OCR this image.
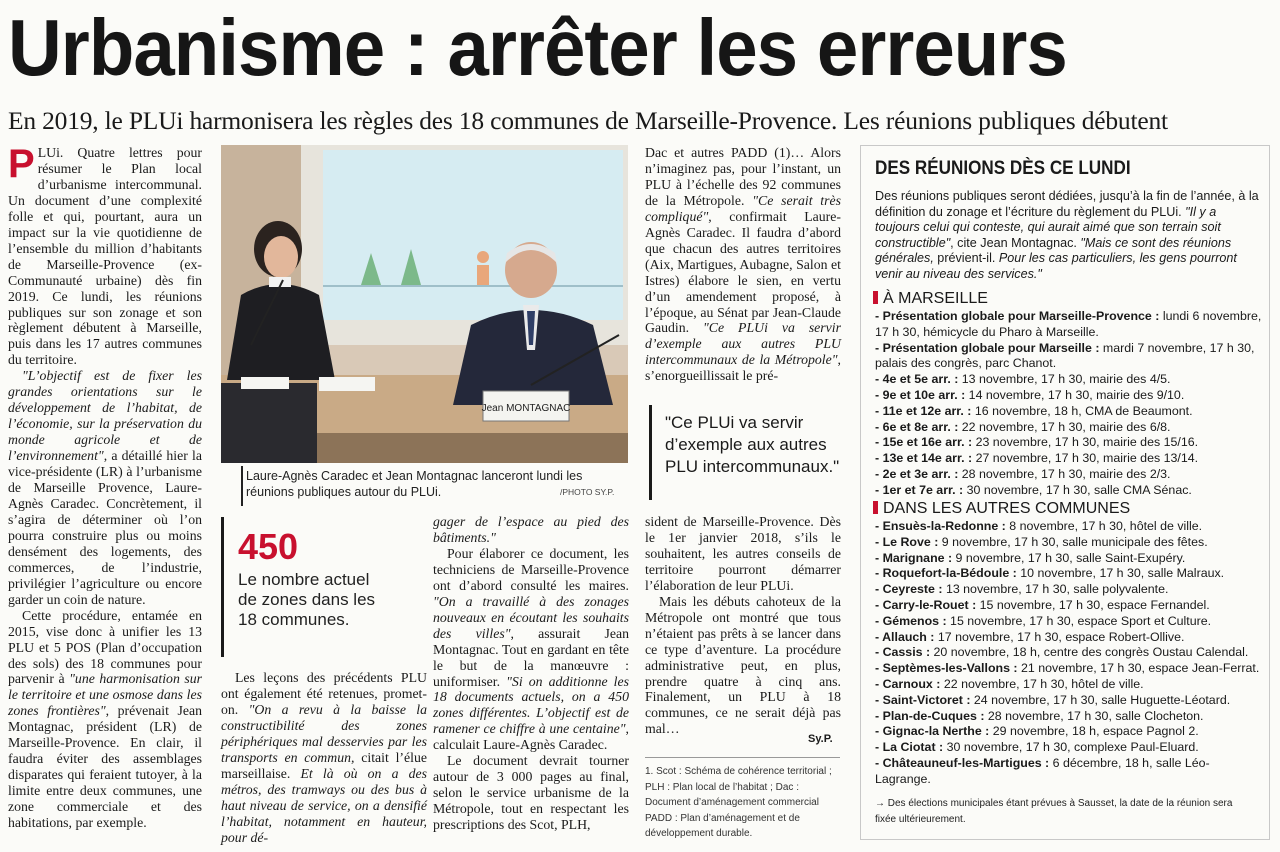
Urbanisme : arrêter les erreurs
En 2019, le PLUi harmonisera les règles des 18 communes de Marseille-Provence. Les réunions publiques débutent

P LUi. Quatre lettres pour résumer le Plan local d’urbanisme intercommunal. Un document d’une complexité folle et qui, pourtant, aura un impact sur la vie quotidienne de l’ensemble du million d’habitants de Marseille-Provence (ex-Communauté urbaine) dès fin 2019. Ce lundi, les réunions publiques sur son zonage et son règlement débutent à Marseille, puis dans les 17 autres communes du territoire.

"L’objectif est de fixer les grandes orientations sur le développement de l’habitat, de l’économie, sur la préservation du monde agricole et de l’environnement", a détaillé hier la vice-présidente (LR) à l’urbanisme de Marseille Provence, Laure-Agnès Caradec. Concrètement, il s’agira de déterminer où l’on pourra construire plus ou moins densément des logements, des commerces, de l’industrie, privilégier l’agriculture ou encore garder un coin de nature.

Cette procédure, entamée en 2015, vise donc à unifier les 13 PLU et 5 POS (Plan d’occupation des sols) des 18 communes pour parvenir à "une harmonisation sur le territoire et une osmose dans les zones frontières", prévenait Jean Montagnac, président (LR) de Marseille-Provence. En clair, il faudra éviter des assemblages disparates qui feraient tutoyer, à la limite entre deux communes, une zone commerciale et des habitations, par exemple.

Jean MONTAGNAC
Laure-Agnès Caradec et Jean Montagnac lanceront lundi les réunions publiques autour du PLUi.	/PHOTO SY.P.
450
Le nombre actuel de zones dans les 18 communes.

Les leçons des précédents PLU ont également été retenues, promet-on. "On a revu à la baisse la constructibilité des zones périphériques mal desservies par les transports en commun, citait l’élue marseillaise. Et là où on a des métros, des tramways ou des bus à haut niveau de service, on a densifié l’habitat, notamment en hauteur, pour dé-

gager de l’espace au pied des bâtiments."

Pour élaborer ce document, les techniciens de Marseille-Provence ont d’abord consulté les maires. "On a travaillé à des zonages nouveaux en écoutant les souhaits des villes", assurait Jean Montagnac. Tout en gardant en tête le but de la manœuvre : uniformiser. "Si on additionne les 18 documents actuels, on a 450 zones différentes. L’objectif est de ramener ce chiffre à une centaine", calculait Laure-Agnès Caradec.

Le document devrait tourner autour de 3 000 pages au final, selon le service urbanisme de la Métropole, tout en respectant les prescriptions des Scot, PLH,

Dac et autres PADD (1)… Alors n’imaginez pas, pour l’instant, un PLU à l’échelle des 92 communes de la Métropole. "Ce serait très compliqué", confirmait Laure-Agnès Caradec. Il faudra d’abord que chacun des autres territoires (Aix, Martigues, Aubagne, Salon et Istres) élabore le sien, en vertu d’un amendement proposé, à l’époque, au Sénat par Jean-Claude Gaudin. "Ce PLUi va servir d’exemple aux autres PLU intercommunaux de la Métropole", s’enorgueillissait le pré-

"Ce PLUi va servir d’exemple aux autres PLU intercommunaux."

sident de Marseille-Provence. Dès le 1er janvier 2018, s’ils le souhaitent, les autres conseils de territoire pourront démarrer l’élaboration de leur PLUi.

Mais les débuts cahoteux de la Métropole ont montré que tous n’étaient pas prêts à se lancer dans ce type d’aventure. La procédure administrative peut, en plus, prendre quatre à cinq ans. Finalement, un PLU à 18 communes, ce ne serait déjà pas mal…

Sy.P.
1. Scot : Schéma de cohérence territorial ; PLH : Plan local de l’habitat ; Dac : Document d’aménagement commercial PADD : Plan d’aménagement et de développement durable.
DES RÉUNIONS DÈS CE LUNDI
Des réunions publiques seront dédiées, jusqu’à la fin de l’année, à la définition du zonage et l’écriture du règlement du PLUi. "Il y a toujours celui qui conteste, qui aurait aimé que son terrain soit constructible", cite Jean Montagnac. "Mais ce sont des réunions générales, prévient-il. Pour les cas particuliers, les gens pourront venir au niveau des services."
À MARSEILLE
- Présentation globale pour Marseille-Provence : lundi 6 novembre, 17 h 30, hémicycle du Pharo à Marseille.
- Présentation globale pour Marseille : mardi 7 novembre, 17 h 30, palais des congrès, parc Chanot.
- 4e et 5e arr. : 13 novembre, 17 h 30, mairie des 4/5.
- 9e et 10e arr. : 14 novembre, 17 h 30, mairie des 9/10.
- 11e et 12e arr. : 16 novembre, 18 h, CMA de Beaumont.
- 6e et 8e arr. : 22 novembre, 17 h 30, mairie des 6/8.
- 15e et 16e arr. : 23 novembre, 17 h 30, mairie des 15/16.
- 13e et 14e arr. : 27 novembre, 17 h 30, mairie des 13/14.
- 2e et 3e arr. : 28 novembre, 17 h 30, mairie des 2/3.
- 1er et 7e arr. : 30 novembre, 17 h 30, salle CMA Sénac.
DANS LES AUTRES COMMUNES
- Ensuès-la-Redonne : 8 novembre, 17 h 30, hôtel de ville.
- Le Rove : 9 novembre, 17 h 30, salle municipale des fêtes.
- Marignane : 9 novembre, 17 h 30, salle Saint-Exupéry.
- Roquefort-la-Bédoule : 10 novembre, 17 h 30, salle Malraux.
- Ceyreste : 13 novembre, 17 h 30, salle polyvalente.
- Carry-le-Rouet : 15 novembre, 17 h 30, espace Fernandel.
- Gémenos : 15 novembre, 17 h 30, espace Sport et Culture.
- Allauch : 17 novembre, 17 h 30, espace Robert-Ollive.
- Cassis : 20 novembre, 18 h, centre des congrès Oustau Calendal.
- Septèmes-les-Vallons : 21 novembre, 17 h 30, espace Jean-Ferrat.
- Carnoux : 22 novembre, 17 h 30, hôtel de ville.
- Saint-Victoret : 24 novembre, 17 h 30, salle Huguette-Léotard.
- Plan-de-Cuques : 28 novembre, 17 h 30, salle Clocheton.
- Gignac-la Nerthe : 29 novembre, 18 h, espace Pagnol 2.
- La Ciotat : 30 novembre, 17 h 30, complexe Paul-Eluard.
- Châteauneuf-les-Martigues : 6 décembre, 18 h, salle Léo-Lagrange.
→ Des élections municipales étant prévues à Sausset, la date de la réunion sera fixée ultérieurement.
